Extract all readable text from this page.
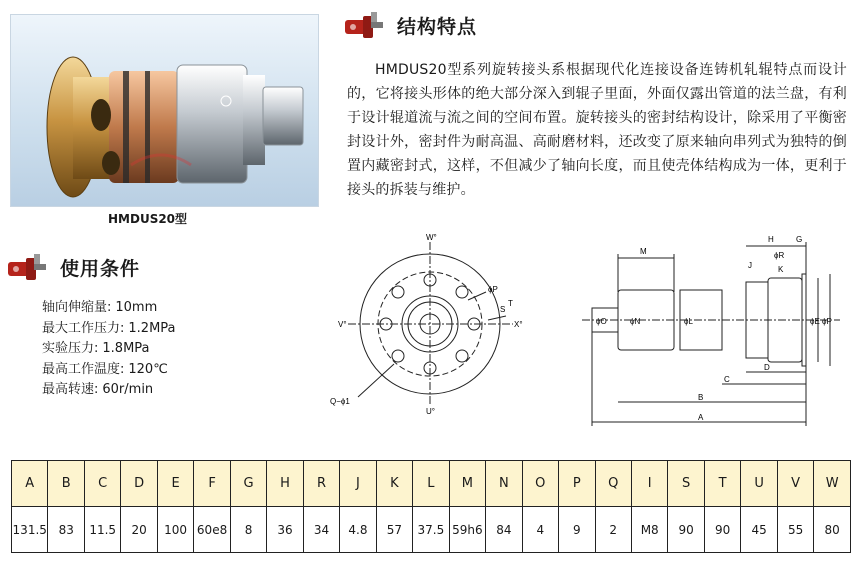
HMDUS20型
结构特点

HMDUS20型系列旋转接头系根据现代化连接设备连铸机轧辊特点而设计的，它将接头形体的绝大部分深入到辊子里面，外面仅露出管道的法兰盘，有利于设计辊道流与流之间的空间布置。旋转接头的密封结构设计，除采用了平衡密封设计外，密封件为耐高温、高耐磨材料，还改变了原来轴向串列式为独特的倒置内藏密封式，这样，不但减少了轴向长度，而且使壳体结构成为一体，更利于接头的拆装与维护。

使用条件
轴向伸缩量: 10mm
最大工作压力: 1.2MPa
实验压力: 1.8MPa
最高工作温度: 120℃
最高转速: 60r/min
W°
V°
U°
ϕP
S
T
X°
Q−ϕ1
M
H	G
J
ϕR
K
ϕO	ϕN	ϕL	ϕE ϕF
D
C
B
A
A	B	C	D	E	F	G	H	R	J	K	L	M	N	O	P	Q	I	S	T	U	V	W
131.5	83	11.5	20	100	60e8	8	36	34	4.8	57	37.5	59h6	84	4	9	2	M8	90	90	45	55	80
